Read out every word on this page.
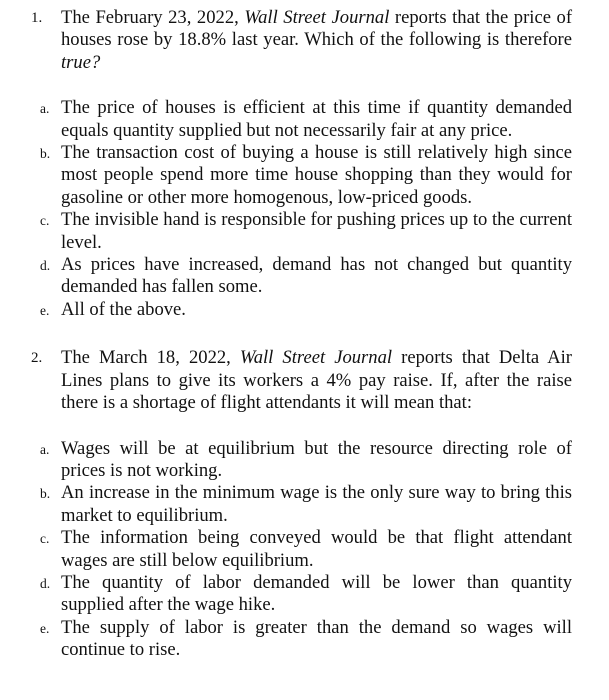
1. The February 23, 2022, Wall Street Journal reports that the price of houses rose by 18.8% last year. Which of the following is therefore true?
a. The price of houses is efficient at this time if quantity demanded equals quantity supplied but not necessarily fair at any price.
b. The transaction cost of buying a house is still relatively high since most people spend more time house shopping than they would for gasoline or other more homogenous, low-priced goods.
c. The invisible hand is responsible for pushing prices up to the current level.
d. As prices have increased, demand has not changed but quantity demanded has fallen some.
e. All of the above.
2. The March 18, 2022, Wall Street Journal reports that Delta Air Lines plans to give its workers a 4% pay raise. If, after the raise there is a shortage of flight attendants it will mean that:
a. Wages will be at equilibrium but the resource directing role of prices is not working.
b. An increase in the minimum wage is the only sure way to bring this market to equilibrium.
c. The information being conveyed would be that flight attendant wages are still below equilibrium.
d. The quantity of labor demanded will be lower than quantity supplied after the wage hike.
e. The supply of labor is greater than the demand so wages will continue to rise.
